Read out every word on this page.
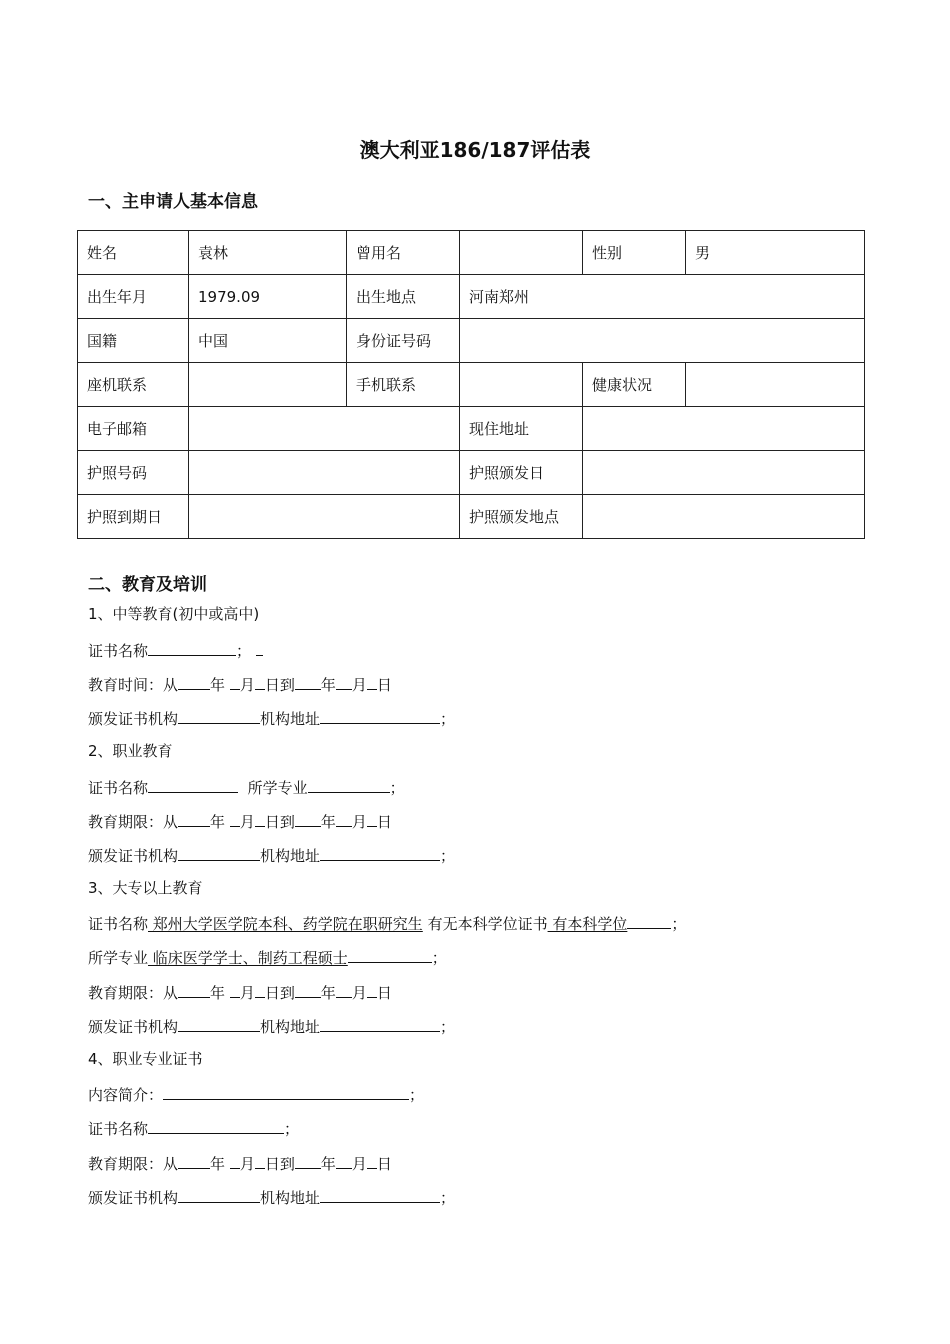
澳大利亚186/187评估表
一、主申请人基本信息
姓名	袁林	曾用名		性别	男
出生年月	1979.09	出生地点	河南郑州		
国籍	中国	身份证号码			
座机联系		手机联系		健康状况	
电子邮箱			现住地址		
护照号码			护照颁发日		
护照到期日			护照颁发地点		
二、教育及培训
1、中等教育(初中或高中)
证书名称	；
教育时间：从 年 月 日到 年 月 日
颁发证书机构	机构地址	；
2、职业教育
证书名称	所学专业	；
教育期限：从 年 月 日到 年 月 日
颁发证书机构	机构地址	；
3、大专以上教育
证书名称 郑州大学医学院本科、药学院在职研究生 有无本科学位证书 有本科学位	；
所学专业 临床医学学士、制药工程硕士	；
教育期限：从 年 月 日到 年 月 日
颁发证书机构	机构地址	；
4、职业专业证书
内容简介：	；
证书名称	；
教育期限：从 年 月 日到 年 月 日
颁发证书机构	机构地址	；
